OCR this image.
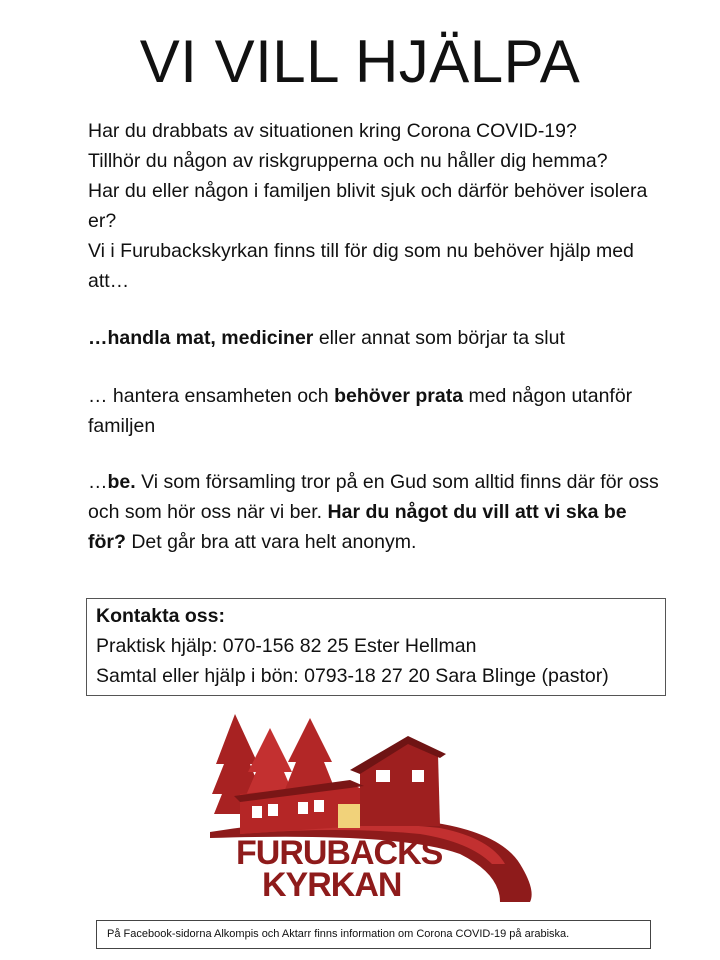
VI VILL HJÄLPA

Har du drabbats av situationen kring Corona COVID-19?

Tillhör du någon av riskgrupperna och nu håller dig hemma?

Har du eller någon i familjen blivit sjuk och därför behöver isolera er?

Vi i Furubackskyrkan finns till för dig som nu behöver hjälp med att…

…handla mat, mediciner eller annat som börjar ta slut

… hantera ensamheten och behöver prata med någon utanför familjen

…be. Vi som församling tror på en Gud som alltid finns där för oss och som hör oss när vi ber. Har du något du vill att vi ska be för? Det går bra att vara helt anonym.

Kontakta oss:
Praktisk hjälp: 070-156 82 25 Ester Hellman
Samtal eller hjälp i bön: 0793-18 27 20 Sara Blinge (pastor)
FURUBACKS
KYRKAN
På Facebook-sidorna Alkompis och Aktarr finns information om Corona COVID-19 på arabiska.
